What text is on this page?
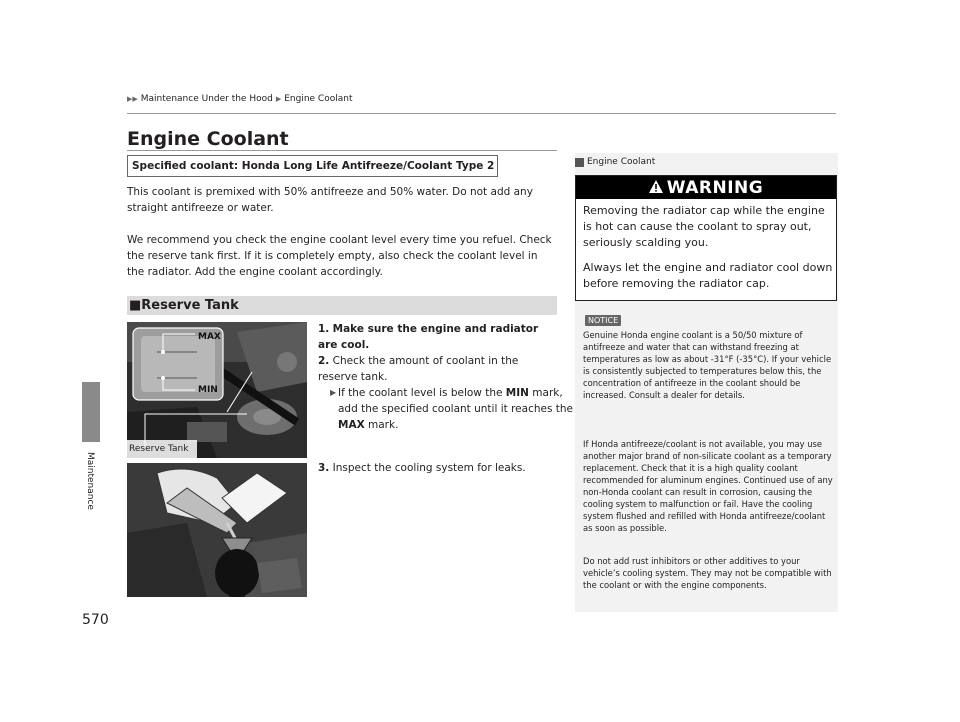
▶▶ Maintenance Under the Hood ▶ Engine Coolant
Maintenance
570
Engine Coolant
Specified coolant: Honda Long Life Antifreeze/Coolant Type 2
This coolant is premixed with 50% antifreeze and 50% water. Do not add any straight antifreeze or water.
We recommend you check the engine coolant level every time you refuel. Check the reserve tank first. If it is completely empty, also check the coolant level in the radiator. Add the engine coolant accordingly.
■ Reserve Tank
MAX
MIN
Reserve Tank
1. Make sure the engine and radiator are cool.
2. Check the amount of coolant in the reserve tank.
▶ If the coolant level is below the MIN mark, add the specified coolant until it reaches the MAX mark.
3. Inspect the cooling system for leaks.
Engine Coolant
WARNING
Removing the radiator cap while the engine is hot can cause the coolant to spray out, seriously scalding you.
Always let the engine and radiator cool down before removing the radiator cap.
NOTICE
Genuine Honda engine coolant is a 50/50 mixture of antifreeze and water that can withstand freezing at temperatures as low as about -31°F (-35°C). If your vehicle is consistently subjected to temperatures below this, the concentration of antifreeze in the coolant should be increased. Consult a dealer for details.
If Honda antifreeze/coolant is not available, you may use another major brand of non-silicate coolant as a temporary replacement. Check that it is a high quality coolant recommended for aluminum engines. Continued use of any non-Honda coolant can result in corrosion, causing the cooling system to malfunction or fail. Have the cooling system flushed and refilled with Honda antifreeze/coolant as soon as possible.
Do not add rust inhibitors or other additives to your vehicle’s cooling system. They may not be compatible with the coolant or with the engine components.
